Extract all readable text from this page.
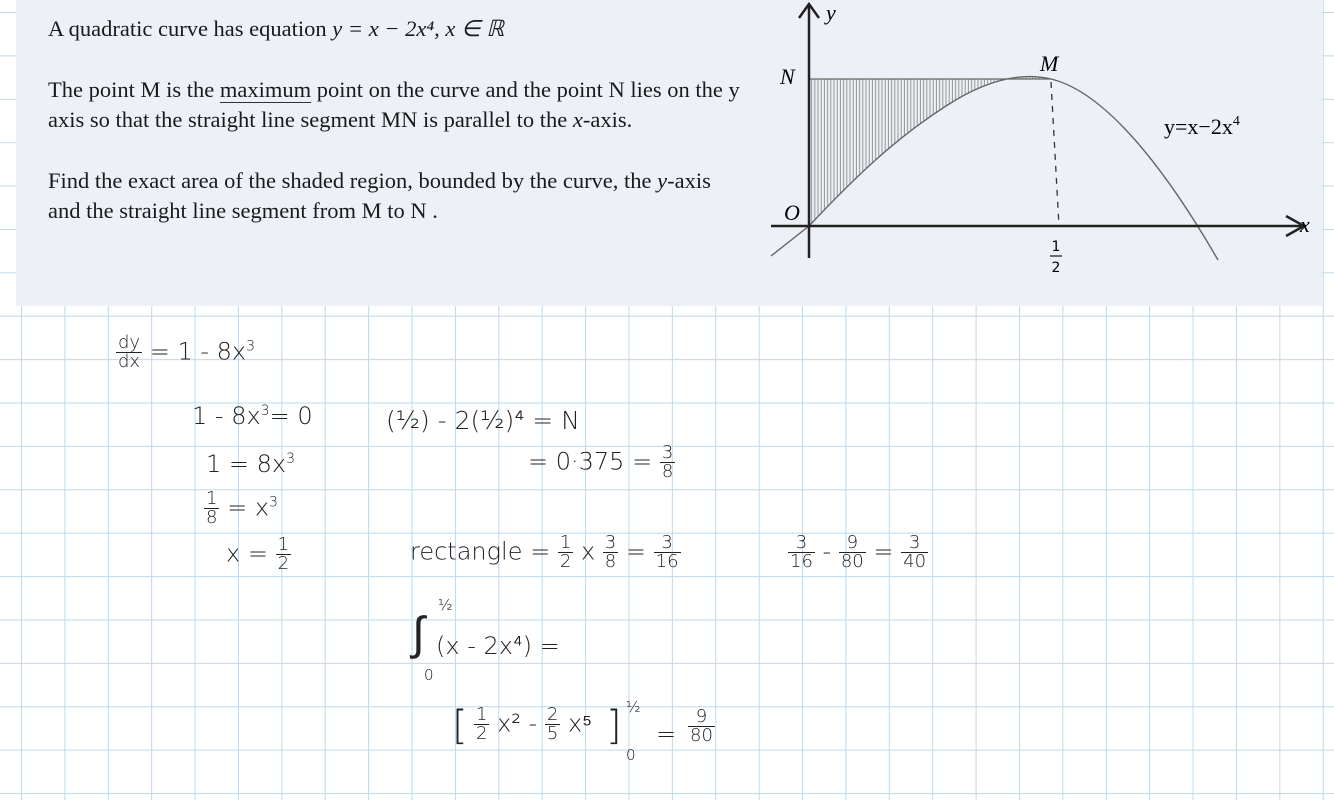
A quadratic curve has equation y = x − 2x⁴, x ∈ ℝ

The point M is the maximum point on the curve and the point N lies on the y axis so that the straight line segment MN is parallel to the x-axis.

Find the exact area of the shaded region, bounded by the curve, the y-axis and the straight line segment from M to N .

y
x
N
M
O
$y=x-2x^4$
1
2
$\frac{dy}{dx} = 1 - 8x^3$
$1 - 8x^3= 0$
$1 = 8x^3$
$\frac{1}{8} = x^3$
$x = \frac{1}{2}$
(½) - 2(½)⁴ = N
= $0\cdot 375 = \frac{3}{8}$
rectangle = $\frac{1}{2}$ x $\frac{3}{8} = \frac{3}{16}$
½
∫
0
(x - 2x⁴) =
[ $\frac{1}{2} x^2 - \frac{2}{5} x^5$ ] ½
0
= $\frac{9}{80}$
$\frac{3}{16} - \frac{9}{80} = \frac{3}{40}$
